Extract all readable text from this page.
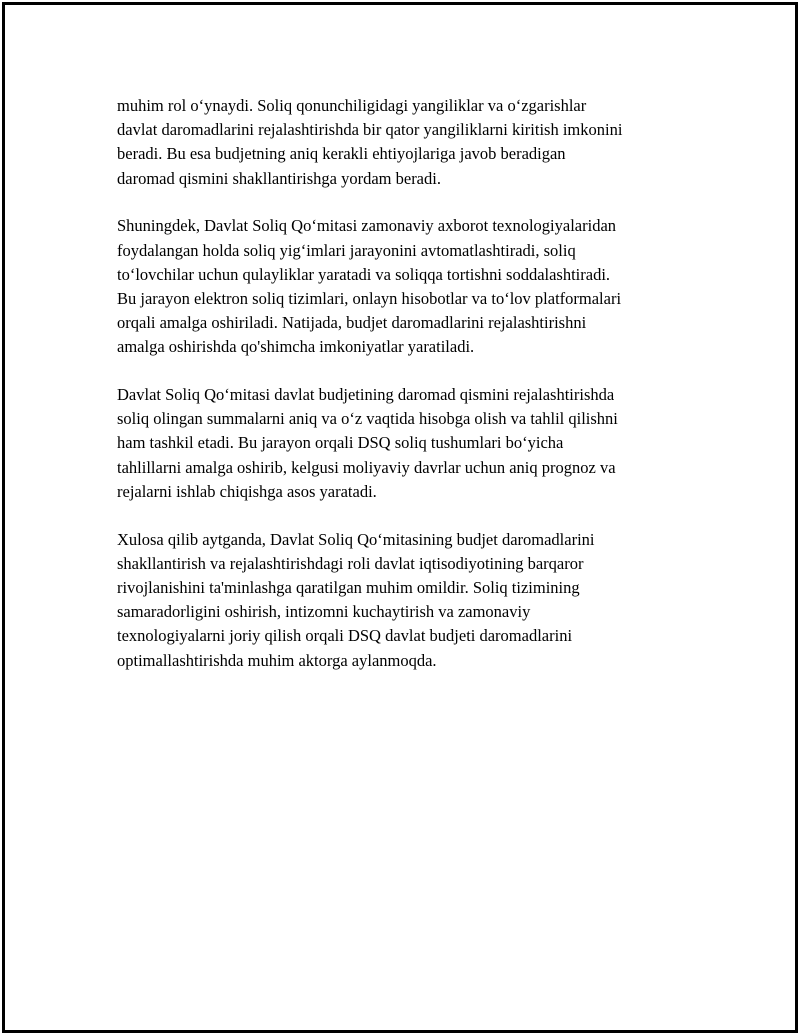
muhim rol oʻynaydi. Soliq qonunchiligidagi yangiliklar va oʻzgarishlar
davlat daromadlarini rejalashtirishda bir qator yangiliklarni kiritish imkonini
beradi. Bu esa budjetning aniq kerakli ehtiyojlariga javob beradigan
daromad qismini shakllantirishga yordam beradi.

Shuningdek, Davlat Soliq Qoʻmitasi zamonaviy axborot texnologiyalaridan
foydalangan holda soliq yigʻimlari jarayonini avtomatlashtiradi, soliq
toʻlovchilar uchun qulayliklar yaratadi va soliqqa tortishni soddalashtiradi.
Bu jarayon elektron soliq tizimlari, onlayn hisobotlar va toʻlov platformalari
orqali amalga oshiriladi. Natijada, budjet daromadlarini rejalashtirishni
amalga oshirishda qo'shimcha imkoniyatlar yaratiladi.

Davlat Soliq Qoʻmitasi davlat budjetining daromad qismini rejalashtirishda
soliq olingan summalarni aniq va oʻz vaqtida hisobga olish va tahlil qilishni
ham tashkil etadi. Bu jarayon orqali DSQ soliq tushumlari boʻyicha
tahlillarni amalga oshirib, kelgusi moliyaviy davrlar uchun aniq prognoz va
rejalarni ishlab chiqishga asos yaratadi.

Xulosa qilib aytganda, Davlat Soliq Qoʻmitasining budjet daromadlarini
shakllantirish va rejalashtirishdagi roli davlat iqtisodiyotining barqaror
rivojlanishini ta'minlashga qaratilgan muhim omildir. Soliq tizimining
samaradorligini oshirish, intizomni kuchaytirish va zamonaviy
texnologiyalarni joriy qilish orqali DSQ davlat budjeti daromadlarini
optimallashtirishda muhim aktorga aylanmoqda.
